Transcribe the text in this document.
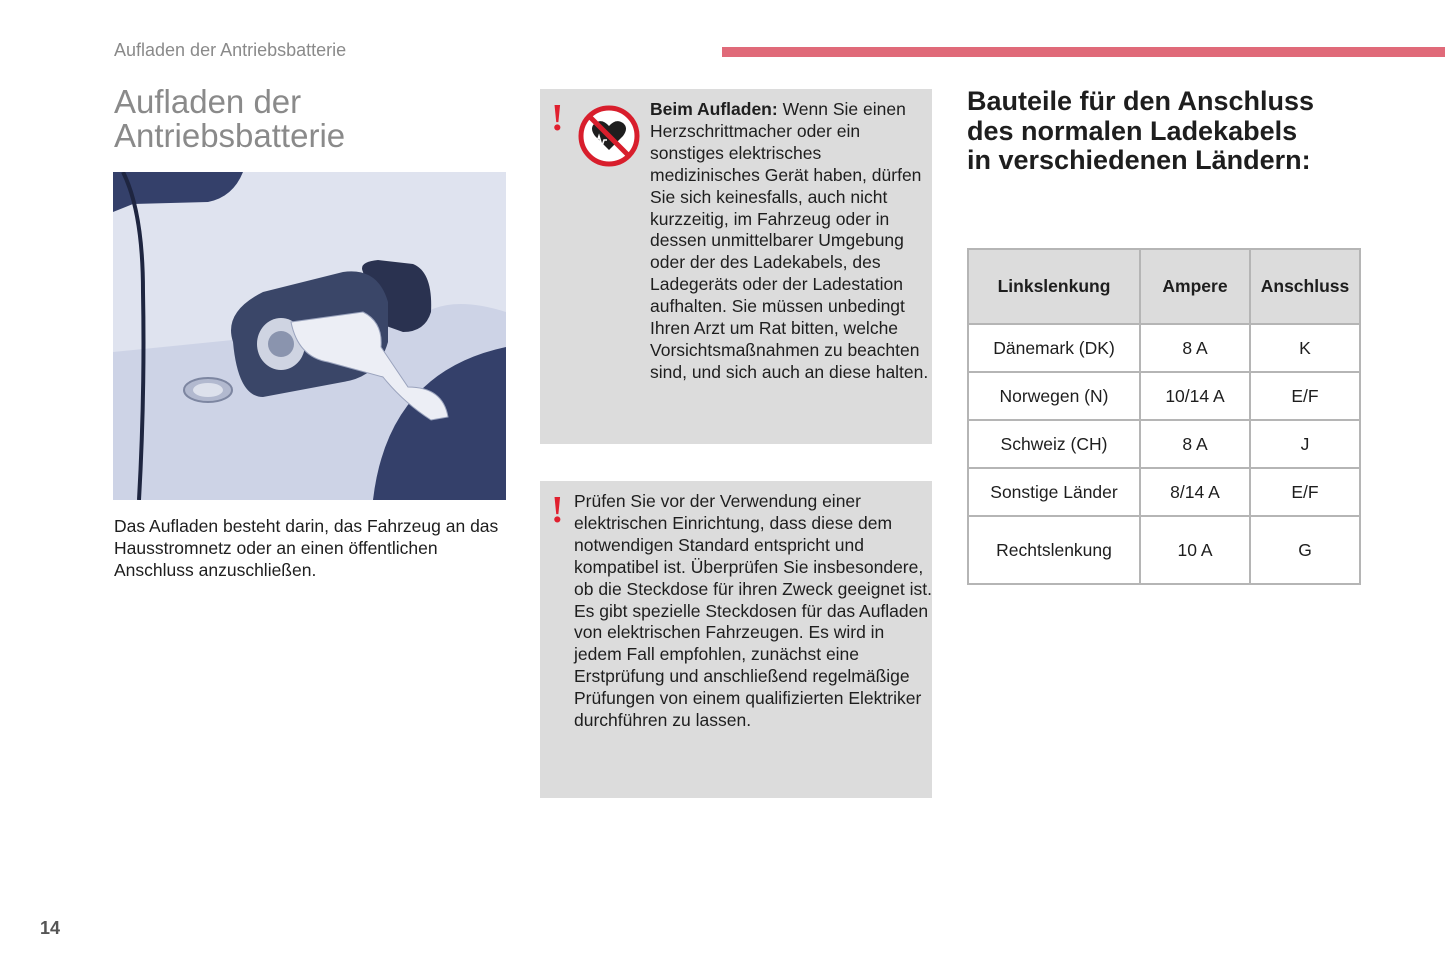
Aufladen der Antriebsbatterie
Aufladen der
Antriebsbatterie

Das Aufladen besteht darin, das Fahrzeug an das Hausstromnetz oder an einen öffentlichen Anschluss anzuschließen.

!	Beim Aufladen: Wenn Sie einen Herzschrittmacher oder ein sonstiges elektrisches medizinisches Gerät haben, dürfen Sie sich keinesfalls, auch nicht kurzzeitig, im Fahrzeug oder in dessen unmittelbarer Umgebung oder der des Ladekabels, des Ladegeräts oder der Ladestation aufhalten. Sie müssen unbedingt Ihren Arzt um Rat bitten, welche Vorsichtsmaßnahmen zu beachten sind, und sich auch an diese halten.
! Prüfen Sie vor der Verwendung einer elektrischen Einrichtung, dass diese dem notwendigen Standard entspricht und kompatibel ist. Überprüfen Sie insbesondere, ob die Steckdose für ihren Zweck geeignet ist. Es gibt spezielle Steckdosen für das Aufladen von elektrischen Fahrzeugen. Es wird in jedem Fall empfohlen, zunächst eine Erstprüfung und anschließend regelmäßige Prüfungen von einem qualifizierten Elektriker durchführen zu lassen.
Bauteile für den Anschluss
des normalen Ladekabels
in verschiedenen Ländern:
Linkslenkung	Ampere	Anschluss
Dänemark (DK)	8 A	K
Norwegen (N)	10/14 A	E/F
Schweiz (CH)	8 A	J
Sonstige Länder	8/14 A	E/F
Rechtslenkung	10 A	G
14
